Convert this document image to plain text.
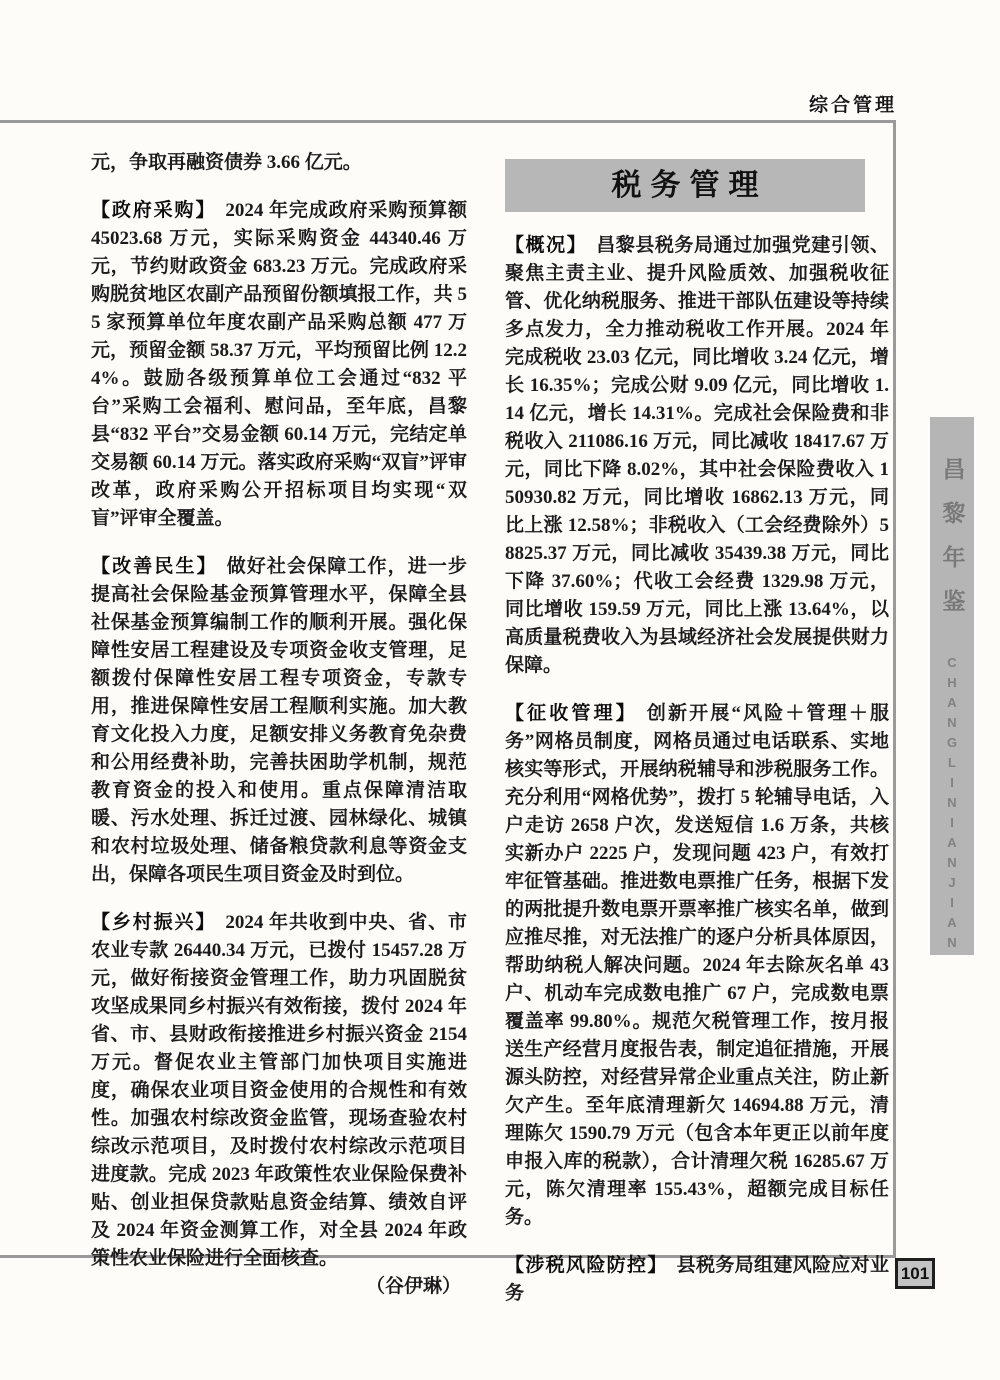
综合管理

元，争取再融资债券 3.66 亿元。

【政府采购】 2024 年完成政府采购预算额 45023.68 万元，实际采购资金 44340.46 万元，节约财政资金 683.23 万元。完成政府采购脱贫地区农副产品预留份额填报工作，共 55 家预算单位年度农副产品采购总额 477 万元，预留金额 58.37 万元，平均预留比例 12.24%。鼓励各级预算单位工会通过“832 平台”采购工会福利、慰问品，至年底，昌黎县“832 平台”交易金额 60.14 万元，完结定单交易额 60.14 万元。落实政府采购“双盲”评审改革，政府采购公开招标项目均实现“双盲”评审全覆盖。

【改善民生】 做好社会保障工作，进一步提高社会保险基金预算管理水平，保障全县社保基金预算编制工作的顺利开展。强化保障性安居工程建设及专项资金收支管理，足额拨付保障性安居工程专项资金，专款专用，推进保障性安居工程顺利实施。加大教育文化投入力度，足额安排义务教育免杂费和公用经费补助，完善扶困助学机制，规范教育资金的投入和使用。重点保障清洁取暖、污水处理、拆迁过渡、园林绿化、城镇和农村垃圾处理、储备粮贷款利息等资金支出，保障各项民生项目资金及时到位。

【乡村振兴】 2024 年共收到中央、省、市农业专款 26440.34 万元，已拨付 15457.28 万元，做好衔接资金管理工作，助力巩固脱贫攻坚成果同乡村振兴有效衔接，拨付 2024 年省、市、县财政衔接推进乡村振兴资金 2154 万元。督促农业主管部门加快项目实施进度，确保农业项目资金使用的合规性和有效性。加强农村综改资金监管，现场查验农村综改示范项目，及时拨付农村综改示范项目进度款。完成 2023 年政策性农业保险保费补贴、创业担保贷款贴息资金结算、绩效自评及 2024 年资金测算工作，对全县 2024 年政策性农业保险进行全面核查。

（谷伊琳）
税务管理

【概况】 昌黎县税务局通过加强党建引领、聚焦主责主业、提升风险质效、加强税收征管、优化纳税服务、推进干部队伍建设等持续多点发力，全力推动税收工作开展。2024 年完成税收 23.03 亿元，同比增收 3.24 亿元，增长 16.35%；完成公财 9.09 亿元，同比增收 1.14 亿元，增长 14.31%。完成社会保险费和非税收入 211086.16 万元，同比减收 18417.67 万元，同比下降 8.02%，其中社会保险费收入 150930.82 万元，同比增收 16862.13 万元，同比上涨 12.58%；非税收入（工会经费除外）58825.37 万元，同比减收 35439.38 万元，同比下降 37.60%；代收工会经费 1329.98 万元，同比增收 159.59 万元，同比上涨 13.64%，以高质量税费收入为县域经济社会发展提供财力保障。

【征收管理】 创新开展“风险＋管理＋服务”网格员制度，网格员通过电话联系、实地核实等形式，开展纳税辅导和涉税服务工作。充分利用“网格优势”，拨打 5 轮辅导电话，入户走访 2658 户次，发送短信 1.6 万条，共核实新办户 2225 户，发现问题 423 户，有效打牢征管基础。推进数电票推广任务，根据下发的两批提升数电票开票率推广核实名单，做到应推尽推，对无法推广的逐户分析具体原因，帮助纳税人解决问题。2024 年去除灰名单 43 户、机动车完成数电推广 67 户，完成数电票覆盖率 99.80%。规范欠税管理工作，按月报送生产经营月度报告表，制定追征措施，开展源头防控，对经营异常企业重点关注，防止新欠产生。至年底清理新欠 14694.88 万元，清理陈欠 1590.79 万元（包含本年更正以前年度申报入库的税款），合计清理欠税 16285.67 万元，陈欠清理率 155.43%，超额完成目标任务。

【涉税风险防控】 县税务局组建风险应对业务

昌黎年鉴
CHANGLINIANJIAN
101
